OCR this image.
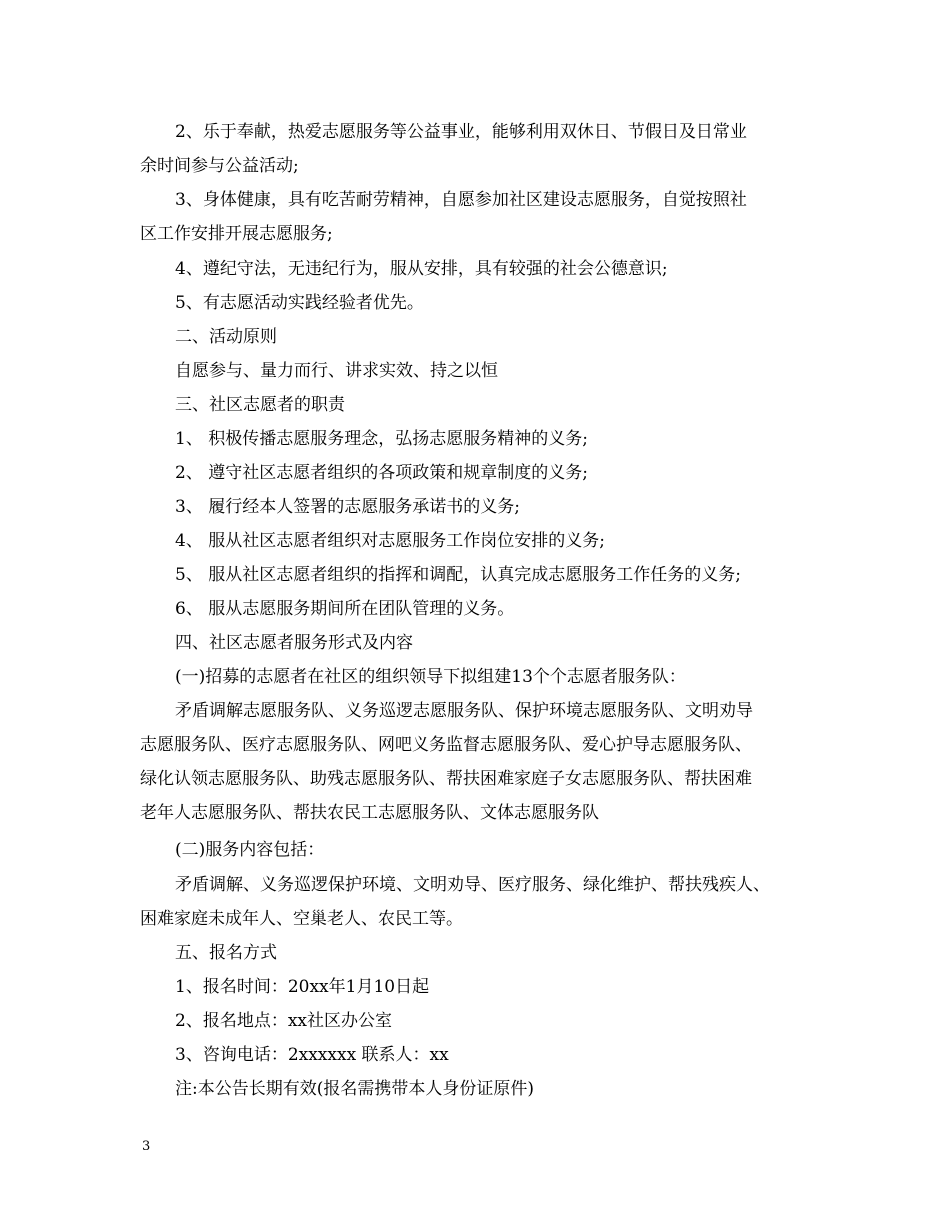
2、乐于奉献，热爱志愿服务等公益事业，能够利用双休日、节假日及日常业
余时间参与公益活动;
3、身体健康，具有吃苦耐劳精神，自愿参加社区建设志愿服务，自觉按照社
区工作安排开展志愿服务;
4、遵纪守法，无违纪行为，服从安排，具有较强的社会公德意识;
5、有志愿活动实践经验者优先。
二、活动原则
自愿参与、量力而行、讲求实效、持之以恒
三、社区志愿者的职责
1、 积极传播志愿服务理念，弘扬志愿服务精神的义务;
2、 遵守社区志愿者组织的各项政策和规章制度的义务;
3、 履行经本人签署的志愿服务承诺书的义务;
4、 服从社区志愿者组织对志愿服务工作岗位安排的义务;
5、 服从社区志愿者组织的指挥和调配，认真完成志愿服务工作任务的义务;
6、 服从志愿服务期间所在团队管理的义务。
四、社区志愿者服务形式及内容
(一)招募的志愿者在社区的组织领导下拟组建13个个志愿者服务队：
矛盾调解志愿服务队、义务巡逻志愿服务队、保护环境志愿服务队、文明劝导
志愿服务队、医疗志愿服务队、网吧义务监督志愿服务队、爱心护导志愿服务队、
绿化认领志愿服务队、助残志愿服务队、帮扶困难家庭子女志愿服务队、帮扶困难
老年人志愿服务队、帮扶农民工志愿服务队、文体志愿服务队
(二)服务内容包括：
矛盾调解、义务巡逻保护环境、文明劝导、医疗服务、绿化维护、帮扶残疾人、
困难家庭未成年人、空巢老人、农民工等。
五、报名方式
1、报名时间：20xx年1月10日起
2、报名地点：xx社区办公室
3、咨询电话：2xxxxxx 联系人：xx
注:本公告长期有效(报名需携带本人身份证原件)
3
